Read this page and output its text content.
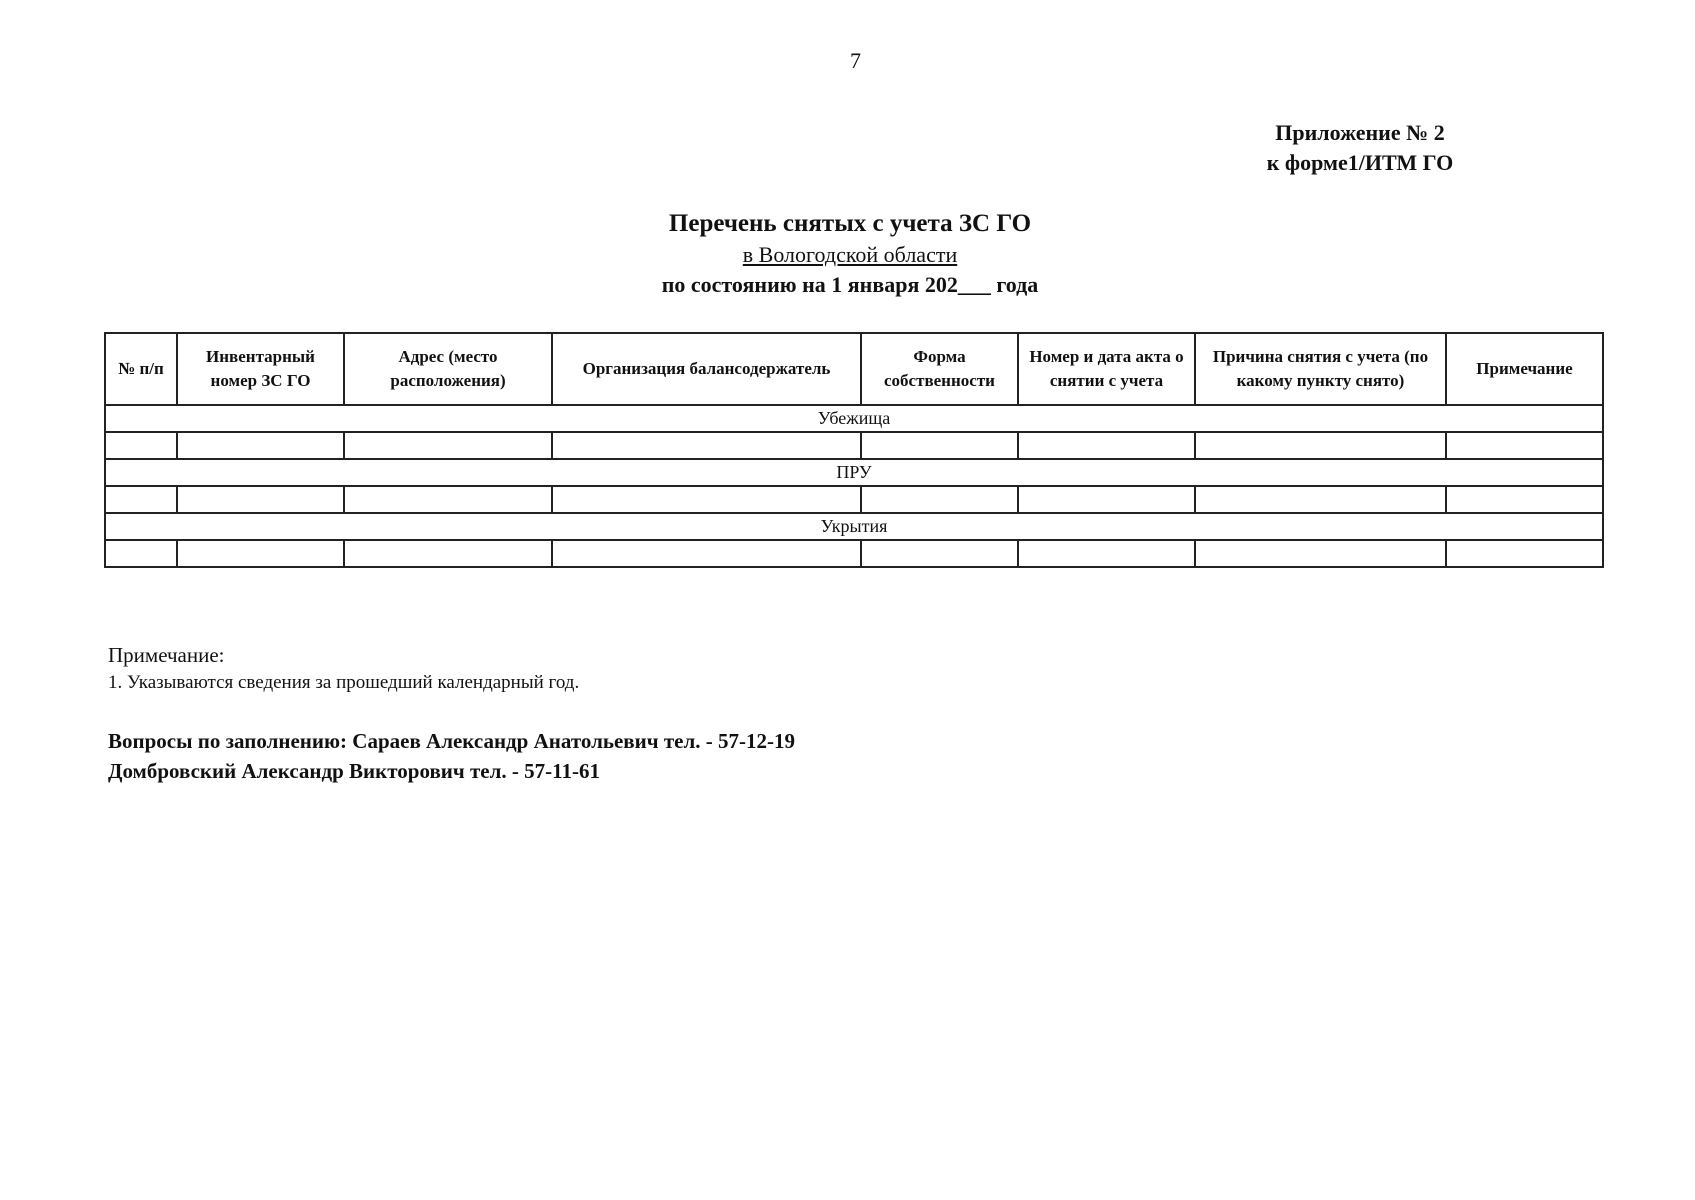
7
Приложение № 2
к форме1/ИТМ ГО
Перечень снятых с учета ЗС ГО
в Вологодской области
по состоянию на 1 января 202___ года
№ п/п	Инвентарный номер ЗС ГО	Адрес (место расположения)	Организация балансодержатель	Форма собственности	Номер и дата акта о снятии с учета	Причина снятия с учета (по какому пункту снято)	Примечание
Убежища							

ПРУ							

Укрытия							

Примечание:
1. Указываются сведения за прошедший календарный год.
Вопросы по заполнению: Сараев Александр Анатольевич тел. - 57-12-19
Домбровский Александр Викторович тел. - 57-11-61
